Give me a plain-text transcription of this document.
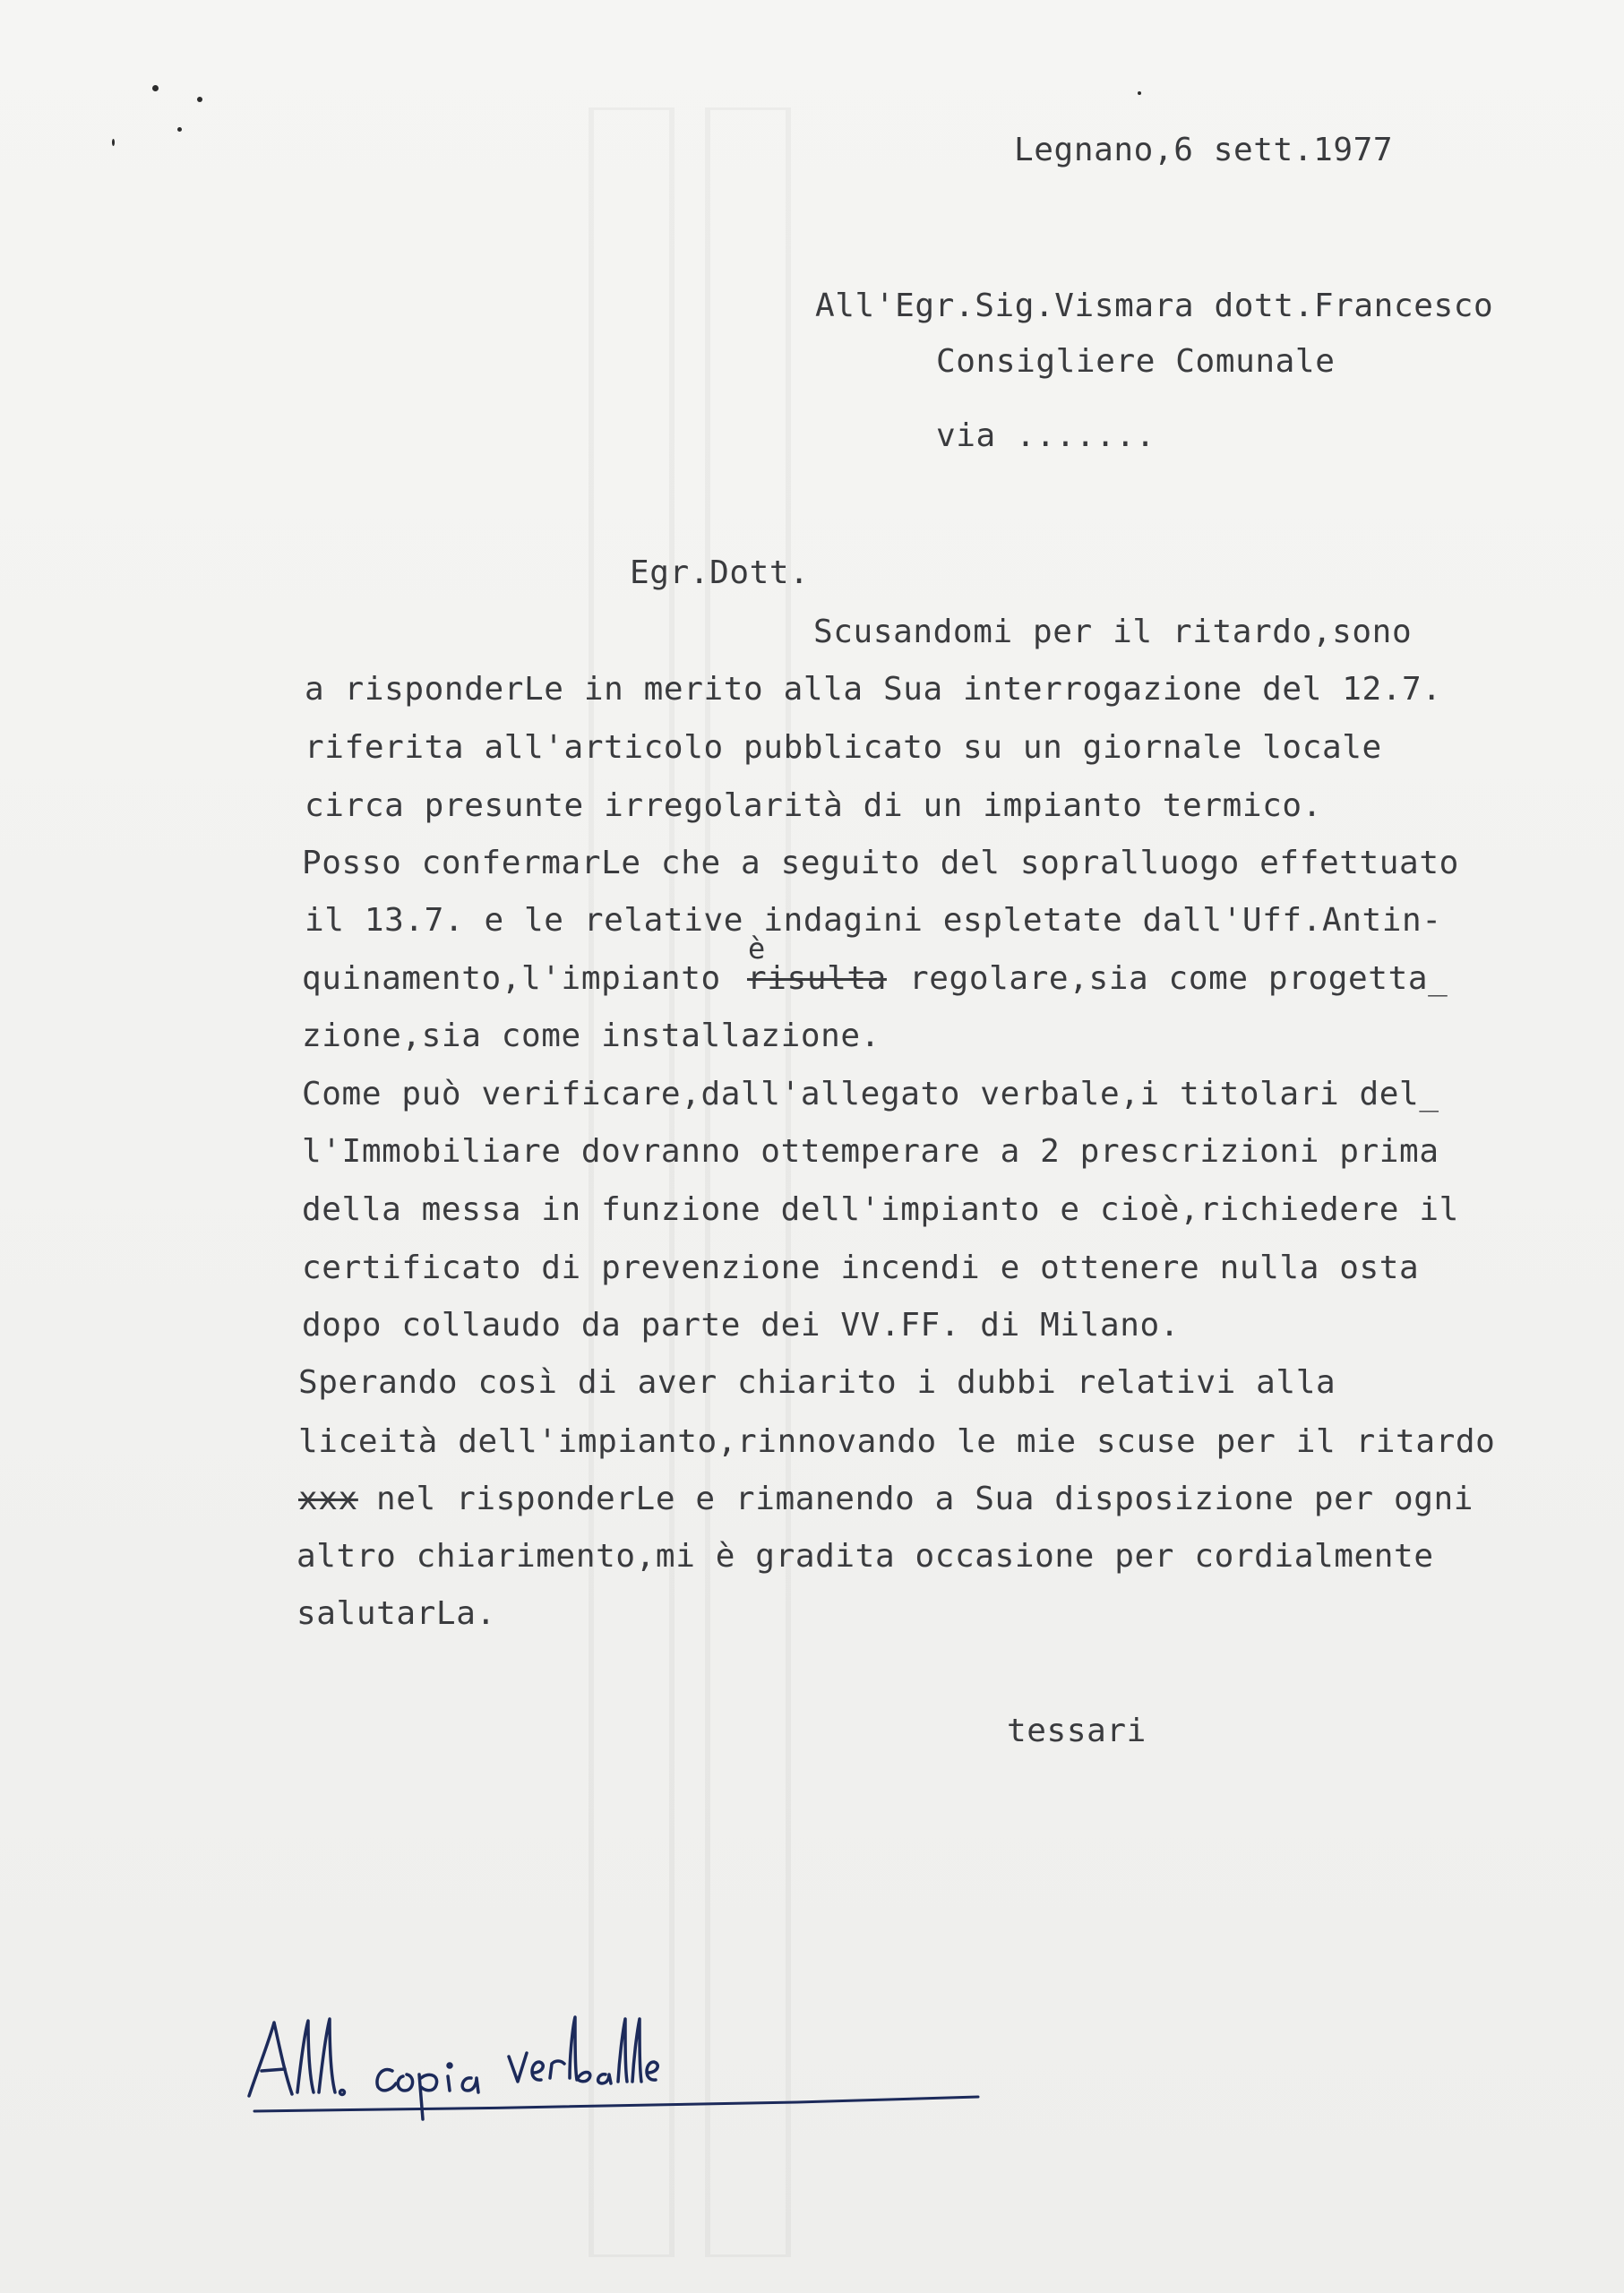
Legnano,6 sett.1977
All'Egr.Sig.Vismara dott.Francesco
Consigliere Comunale
via .......
Egr.Dott.
Scusandomi per il ritardo,sono
a risponderLe in merito alla Sua interrogazione del 12.7.
riferita all'articolo pubblicato su un giornale locale
circa presunte irregolarità di un impianto termico.
Posso confermarLe che a seguito del sopralluogo effettuato
il 13.7. e le relative indagini espletate dall'Uff.Antin-
è
quinamento,l'impianto risulta regolare,sia come progetta_
zione,sia come installazione.
Come può verificare,dall'allegato verbale,i titolari del_
l'Immobiliare dovranno ottemperare a 2 prescrizioni prima
della messa in funzione dell'impianto e cioè,richiedere il
certificato di prevenzione incendi e ottenere nulla osta
dopo collaudo da parte dei VV.FF. di Milano.
Sperando così di aver chiarito i dubbi relativi alla
liceità dell'impianto,rinnovando le mie scuse per il ritardo
xxx nel risponderLe e rimanendo a Sua disposizione per ogni
altro chiarimento,mi è gradita occasione per cordialmente
salutarLa.
tessari
